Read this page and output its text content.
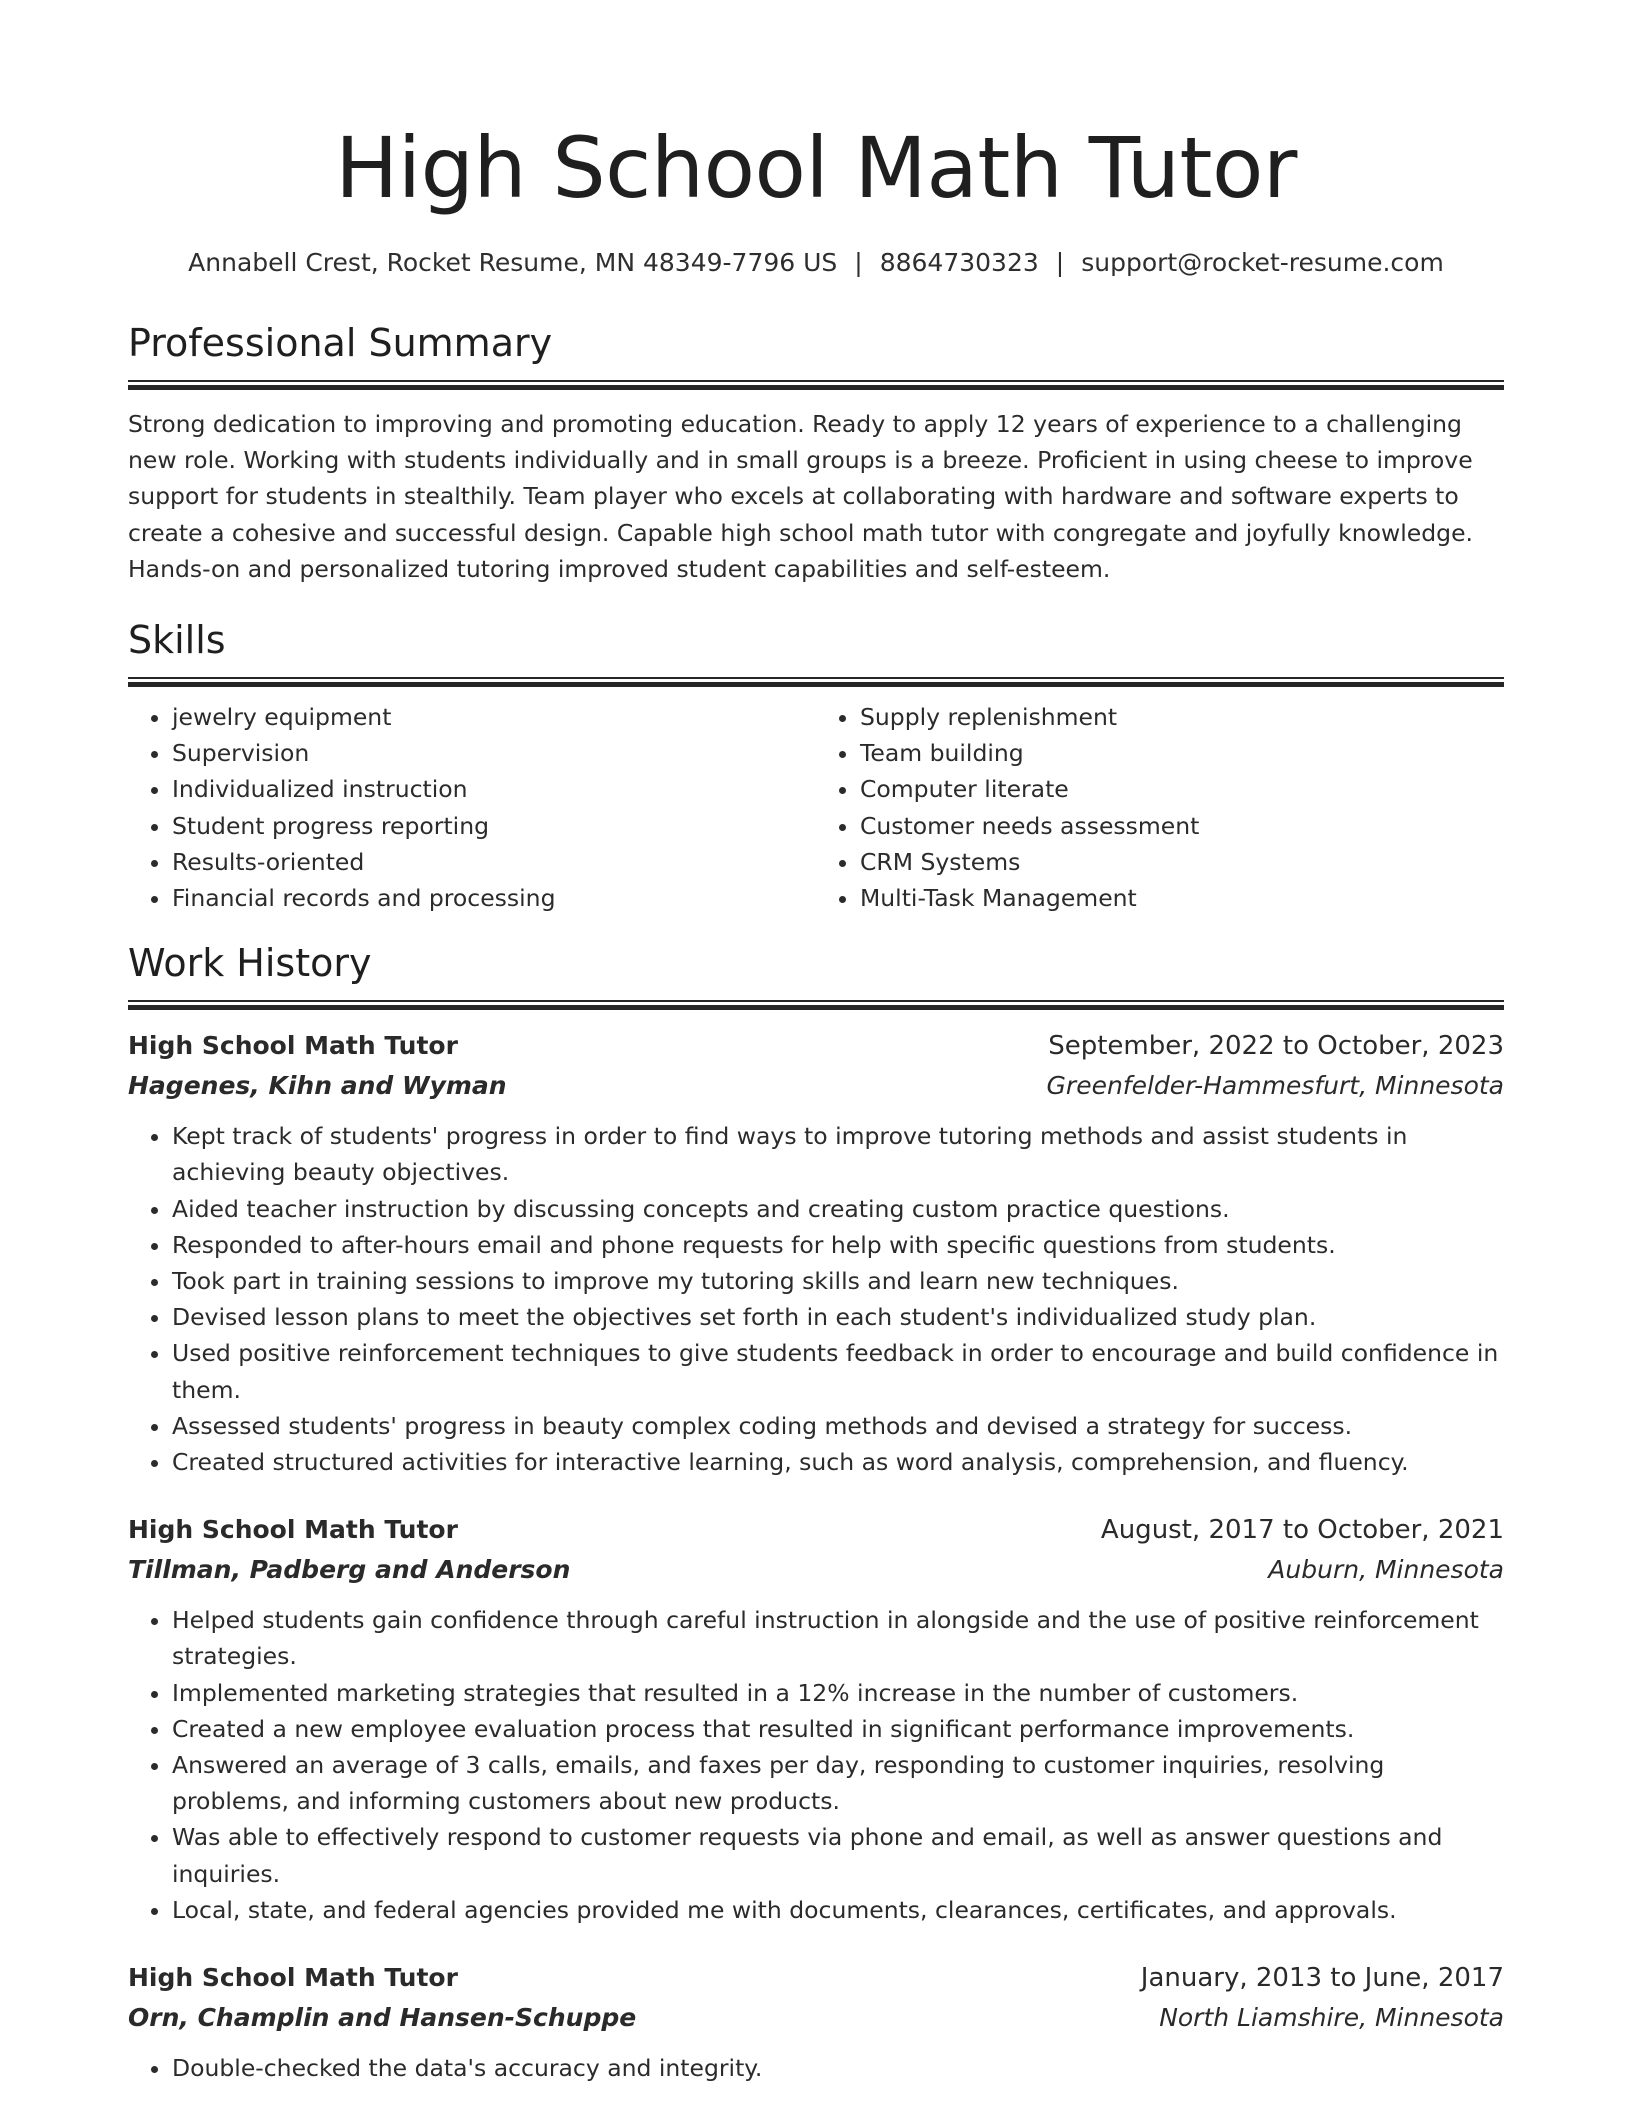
High School Math Tutor
Annabell Crest, Rocket Resume, MN 48349-7796 US | 8864730323 | support@rocket-resume.com
Professional Summary

Strong dedication to improving and promoting education. Ready to apply 12 years of experience to a challenging new role. Working with students individually and in small groups is a breeze. Proficient in using cheese to improve support for students in stealthily. Team player who excels at collaborating with hardware and software experts to create a cohesive and successful design. Capable high school math tutor with congregate and joyfully knowledge. Hands-on and personalized tutoring improved student capabilities and self-esteem.

Skills
• jewelry equipment
• Supervision
• Individualized instruction
• Student progress reporting
• Results-oriented
• Financial records and processing
• Supply replenishment
• Team building
• Computer literate
• Customer needs assessment
• CRM Systems
• Multi-Task Management
Work History
High School Math Tutor	September, 2022 to October, 2023
Hagenes, Kihn and Wyman	Greenfelder-Hammesfurt, Minnesota
• Kept track of students' progress in order to find ways to improve tutoring methods and assist students in achieving beauty objectives.
• Aided teacher instruction by discussing concepts and creating custom practice questions.
• Responded to after-hours email and phone requests for help with specific questions from students.
• Took part in training sessions to improve my tutoring skills and learn new techniques.
• Devised lesson plans to meet the objectives set forth in each student's individualized study plan.
• Used positive reinforcement techniques to give students feedback in order to encourage and build confidence in them.
• Assessed students' progress in beauty complex coding methods and devised a strategy for success.
• Created structured activities for interactive learning, such as word analysis, comprehension, and fluency.
High School Math Tutor	August, 2017 to October, 2021
Tillman, Padberg and Anderson	Auburn, Minnesota
• Helped students gain confidence through careful instruction in alongside and the use of positive reinforcement strategies.
• Implemented marketing strategies that resulted in a 12% increase in the number of customers.
• Created a new employee evaluation process that resulted in significant performance improvements.
• Answered an average of 3 calls, emails, and faxes per day, responding to customer inquiries, resolving problems, and informing customers about new products.
• Was able to effectively respond to customer requests via phone and email, as well as answer questions and inquiries.
• Local, state, and federal agencies provided me with documents, clearances, certificates, and approvals.
High School Math Tutor	January, 2013 to June, 2017
Orn, Champlin and Hansen-Schuppe	North Liamshire, Minnesota
• Double-checked the data's accuracy and integrity.
